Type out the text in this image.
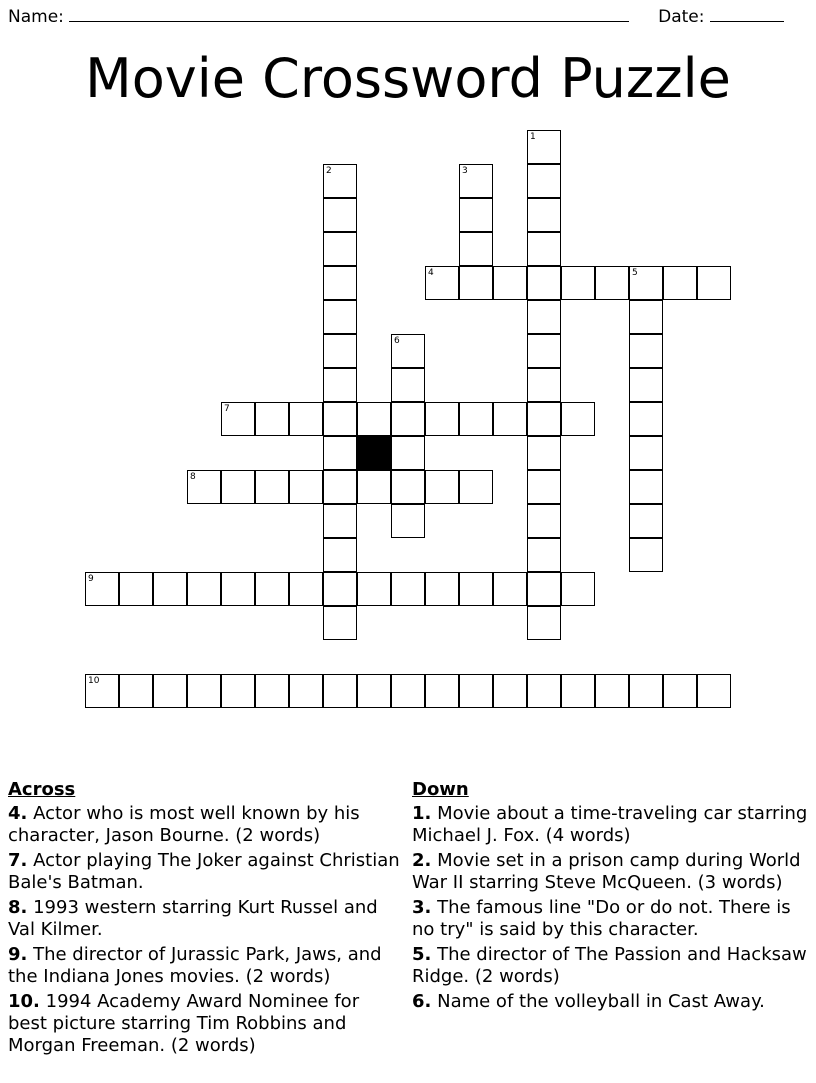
Name:	Date:
Movie Crossword Puzzle
1
2	3
4	5
6
7
8
9
10
Across
4. Actor who is most well known by his character, Jason Bourne. (2 words)
7. Actor playing The Joker against Christian Bale's Batman.
8. 1993 western starring Kurt Russel and Val Kilmer.
9. The director of Jurassic Park, Jaws, and the Indiana Jones movies. (2 words)
10. 1994 Academy Award Nominee for best picture starring Tim Robbins and Morgan Freeman. (2 words)
Down
1. Movie about a time-traveling car starring Michael J. Fox. (4 words)
2. Movie set in a prison camp during World War II starring Steve McQueen. (3 words)
3. The famous line "Do or do not. There is no try" is said by this character.
5. The director of The Passion and Hacksaw Ridge. (2 words)
6. Name of the volleyball in Cast Away.
